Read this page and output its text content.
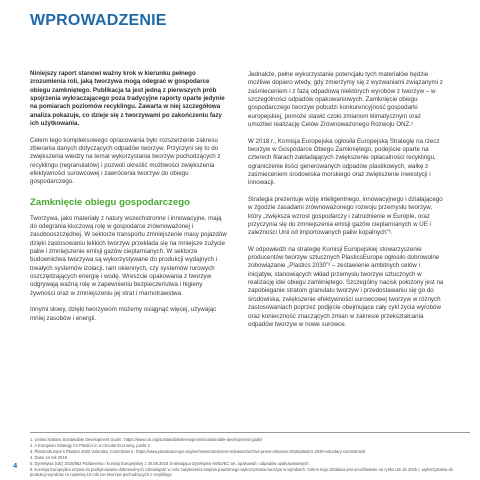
WPROWADZENIE

Niniejszy raport stanowi ważny krok w kierunku pełnego zrozumienia roli, jaką tworzywa mogą odegrać w gospodarce obiegu zamkniętego. Publikacja ta jest jedną z pierwszych prób spojrzenia wykraczającego poza tradycyjne raporty oparte jedynie na pomiarach poziomów recyklingu. Zawarta w niej szczegółowa analiza pokazuje, co dzieje się z tworzywami po zakończeniu fazy ich użytkowania.

Celem tego kompleksowego opracowania było rozszerzenie zakresu zbierania danych dotyczących odpadów tworzyw. Przyczyni się to do zwiększenia wiedzy na temat wykorzystania tworzyw pochodzących z recyklingu (regranulatów) i pozwoli określić możliwości zwiększenia efektywności surowcowej i zawrócenia tworzyw do obiegu gospodarczego.

Zamknięcie obiegu gospodarczego

Tworzywa, jako materiały z natury wszechstronne i innowacyjne, mają do odegrania kluczową rolę w gospodarce zrównoważonej i zasobooszczędnej. W sektorze transportu zmniejszenie masy pojazdów dzięki zastosowaniu lekkich tworzyw przekłada się na mniejsze zużycie paliw i zmniejszenie emisji gazów cieplarnianych. W sektorze budownictwa tworzywa są wykorzystywane do produkcji wydajnych i trwałych systemów izolacji, ram okiennych, czy systemów rurowych oszczędzających energię i wodę. Wreszcie opakowania z tworzyw odgrywają ważną rolę w zapewnieniu bezpieczeństwa i higieny żywności oraz w zmniejszeniu jej strat i marnotrawstwa.

Innymi słowy, dzięki tworzywom możemy osiągnąć więcej, używając mniej zasobów i energii.

Jednakże, pełne wykorzystanie potencjału tych materiałów będzie możliwe dopiero wtedy, gdy zmierzymy się z wyzwaniami związanymi z zaśmieceniem i z fazą odpadową niektórych wyrobów z tworzyw – w szczególności odpadów opakowaniowych. Zamknięcie obiegu gospodarczego tworzyw pobudzi konkurencyjność gospodarki europejskiej, pomoże stawić czoło zmianom klimatycznym oraz umożliwi realizację Celów Zrównoważonego Rozwoju ONZ.¹

W 2018 r., Komisja Europejska ogłosiła Europejską Strategię na rzecz tworzyw w Gospodarce Obiegu Zamkniętego, podejście oparte na czterech filarach zakładających zwiększenie opłacalności recyklingu, ograniczenie ilości generowanych odpadów plastikowych, walkę z zaśmieceniem środowiska morskiego oraz zwiększenie inwestycji i innowacji.

Strategia prezentuje wizję inteligentnego, innowacyjnego i działającego w zgodzie zasadami zrównoważonego rozwoju przemysłu tworzyw, który „zwiększa wzrost gospodarczy i zatrudnienie w Europie, oraz przyczynia się do zmniejszenia emisji gazów cieplarnianych w UE i zależności Unii od importowanych paliw kopalnych”².

W odpowiedzi na strategię Komisji Europejskiej stowarzyszenie producentów tworzyw sztucznych PlasticsEurope ogłosiło dobrowolne zobowiązanie „Plastics 2030”³ – zestawienie ambitnych celów i inicjatyw, stanowiących wkład przemysłu tworzyw sztucznych w realizację idei obiegu zamkniętego. Szczególny nacisk położony jest na zapobieganie stratom granulatu tworzyw i przedostawaniu się go do środowiska, zwiększenie efektywności surowcowej tworzyw w różnych zastosowaniach poprzez podjęcie obejmujące cały cykl życia wyrobów oraz konieczność znaczących zmian w zakresie przekształcania odpadów tworzyw w nowe surowce.

1. United Nations Sustainable Development Goals : https://www.un.org/sustainabledevelopment/sustainable-development-goals/

2. A European Strategy for Plastics in a Circular Economy, punkt 3

3. PlasticsEurope’s Plastics 2030 Voluntary Commitment : https://www.plasticseurope.org/en/newsroom/press-releases/archive-press-releases-2018/plastics-2030-voluntary-commitment

4. Dane za rok 2018

5. Dyrektywa (UE) 2018/852 Parlamentu i Komisji Europejskiej z 30.05.2018 zmieniająca Dyrektywę 94/62/EC ws. opakowań i odpadów opakowaniowych

6. Komisja Europejska wzywa do podejmowania dobrowolnych zobowiązań w celu zwiększenia stopnia powtórnego wykorzystania tworzyw w wyrobach. Celem tego działania jest umożliwienie na rynku UE do 2025 r. wykorzystania do produkcji wyrobów co najmniej 10 mln ton tworzyw pochodzących z recyklingu

4
